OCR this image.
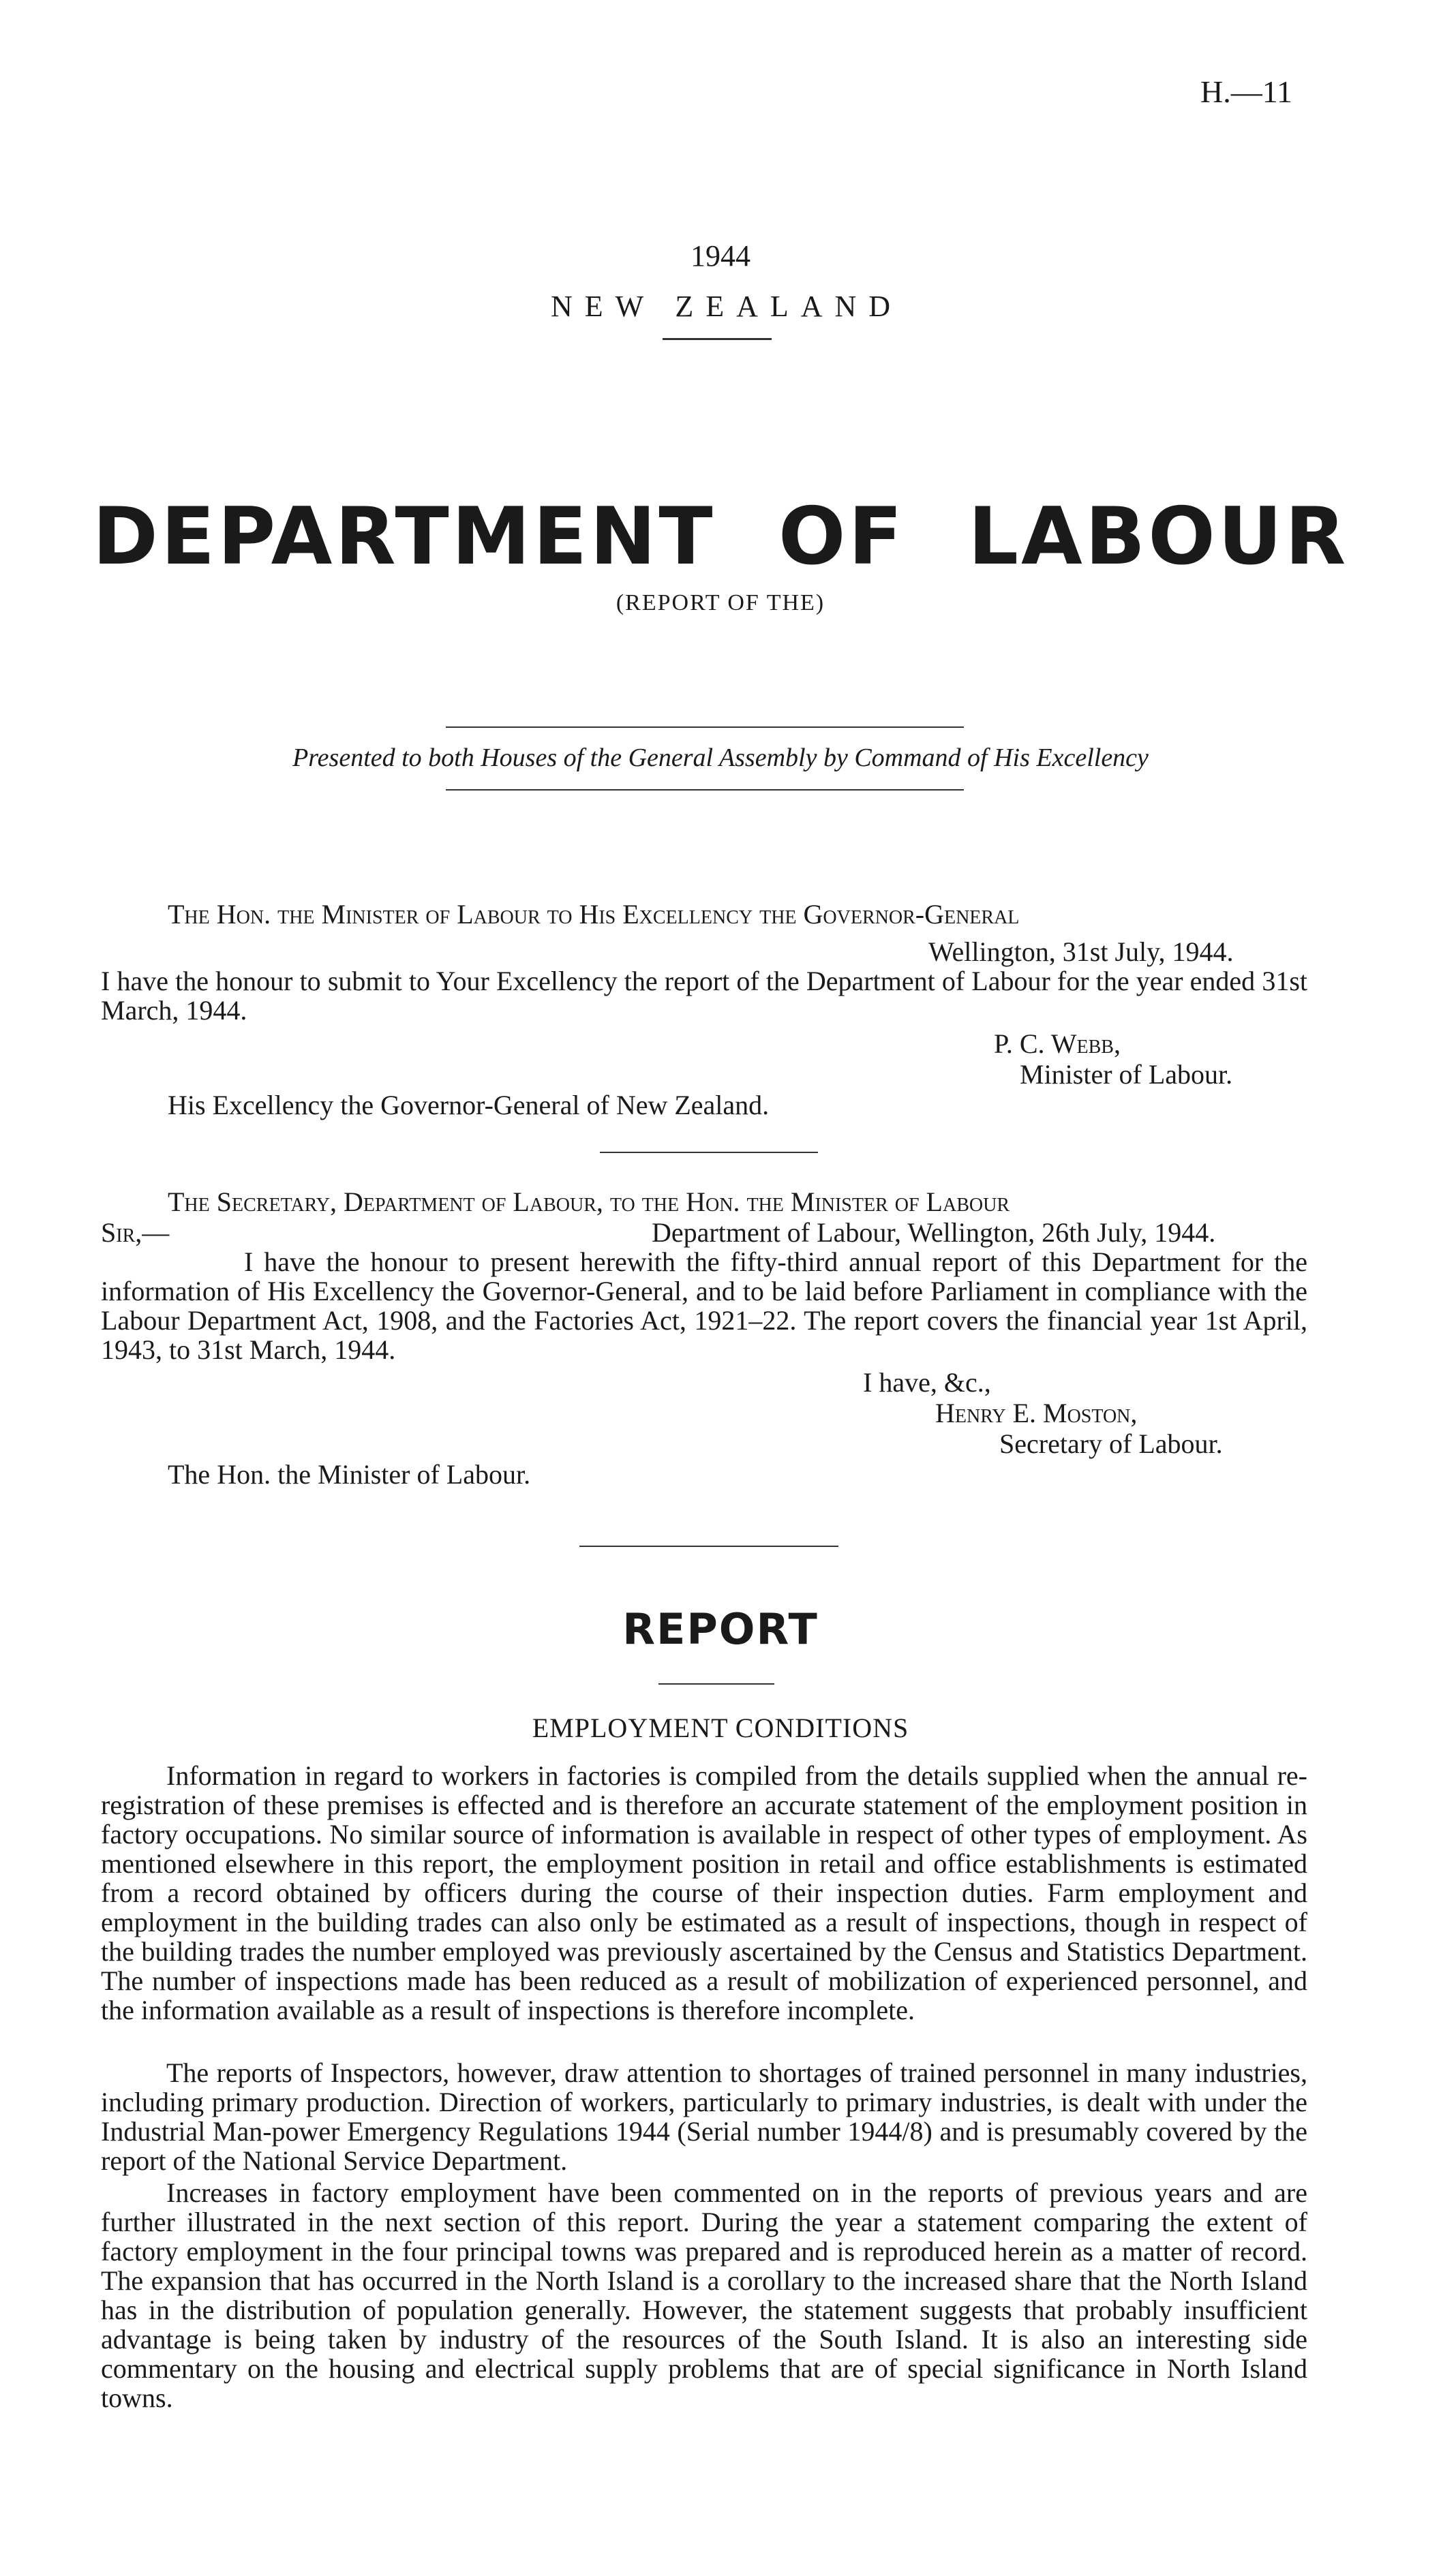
H.—11
1944
NEW ZEALAND
DEPARTMENT OF LABOUR
(REPORT OF THE)
Presented to both Houses of the General Assembly by Command of His Excellency
The Hon. the Minister of Labour to His Excellency the Governor-General
Wellington, 31st July, 1944.
I have the honour to submit to Your Excellency the report of the Department of Labour for the year ended 31st March, 1944.
P. C. Webb,
Minister of Labour.
His Excellency the Governor-General of New Zealand.
The Secretary, Department of Labour, to the Hon. the Minister of Labour
Sir,—	Department of Labour, Wellington, 26th July, 1944.
I have the honour to present herewith the fifty-third annual report of this Department for the information of His Excellency the Governor-General, and to be laid before Parliament in compliance with the Labour Department Act, 1908, and the Factories Act, 1921–22. The report covers the financial year 1st April, 1943, to 31st March, 1944.
I have, &c.,
Henry E. Moston,
Secretary of Labour.
The Hon. the Minister of Labour.
REPORT
EMPLOYMENT CONDITIONS
Information in regard to workers in factories is compiled from the details supplied when the annual re-registration of these premises is effected and is therefore an accurate statement of the employment position in factory occupations. No similar source of information is available in respect of other types of employment. As mentioned elsewhere in this report, the employment position in retail and office establishments is estimated from a record obtained by officers during the course of their inspection duties. Farm employment and employment in the building trades can also only be estimated as a result of inspections, though in respect of the building trades the number employed was previously ascertained by the Census and Statistics Department. The number of inspections made has been reduced as a result of mobilization of experienced personnel, and the information available as a result of inspections is therefore incomplete.
The reports of Inspectors, however, draw attention to shortages of trained personnel in many industries, including primary production. Direction of workers, particularly to primary industries, is dealt with under the Industrial Man-power Emergency Regulations 1944 (Serial number 1944/8) and is presumably covered by the report of the National Service Department.
Increases in factory employment have been commented on in the reports of previous years and are further illustrated in the next section of this report. During the year a statement comparing the extent of factory employment in the four principal towns was prepared and is reproduced herein as a matter of record. The expansion that has occurred in the North Island is a corollary to the increased share that the North Island has in the distribution of population generally. However, the statement suggests that probably insufficient advantage is being taken by industry of the resources of the South Island. It is also an interesting side commentary on the housing and electrical supply problems that are of special significance in North Island towns.
